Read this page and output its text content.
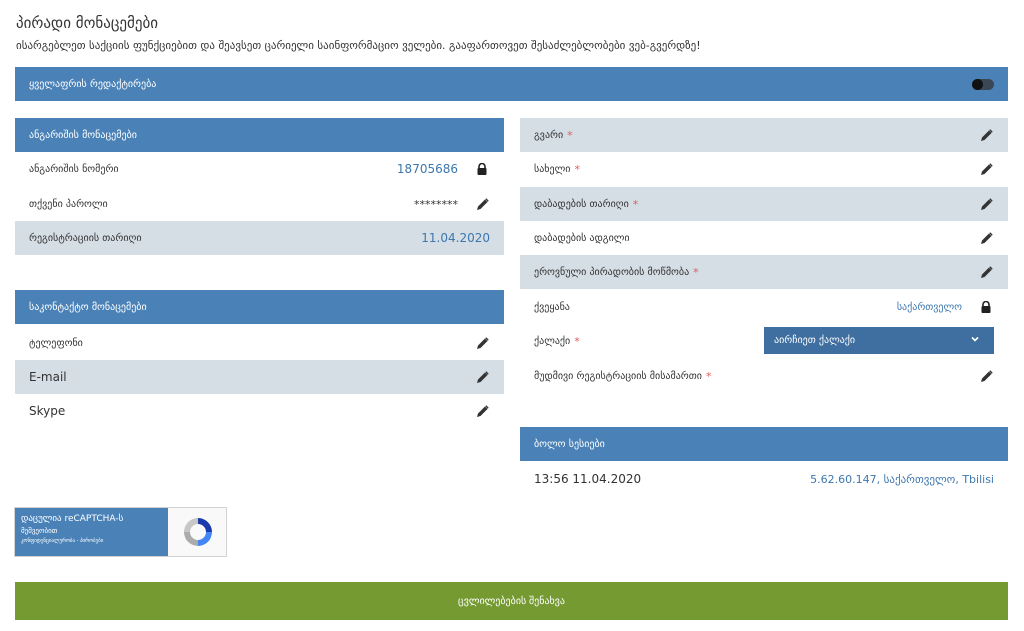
პირადი მონაცემები
ისარგებლეთ საქციის ფუნქციებით და შეავსეთ ცარიელი საინფორმაციო ველები. გააფართოვეთ შესაძლებლობები ვებ-გვერდზე!
ყველაფრის რედაქტირება
ანგარიშის მონაცემები
ანგარიშის ნომერი	18705686
თქვენი პაროლი	********
რეგისტრაციის თარიღი	11.04.2020
საკონტაქტო მონაცემები
ტელეფონი
E-mail
Skype
გვარი *
სახელი *
დაბადების თარიღი *
დაბადების ადგილი
ეროვნული პირადობის მოწმობა *
ქვეყანა	საქართველო
ქალაქი *	აირჩიეთ ქალაქი
მუდმივი რეგისტრაციის მისამართი *
ბოლო სესიები
13:56 11.04.2020	5.62.60.147, საქართველო, Tbilisi
დაცულია reCAPTCHA-ს
მეშვეობით
კონფიდენციალურობა - პირობები
ცვლილებების შენახვა
